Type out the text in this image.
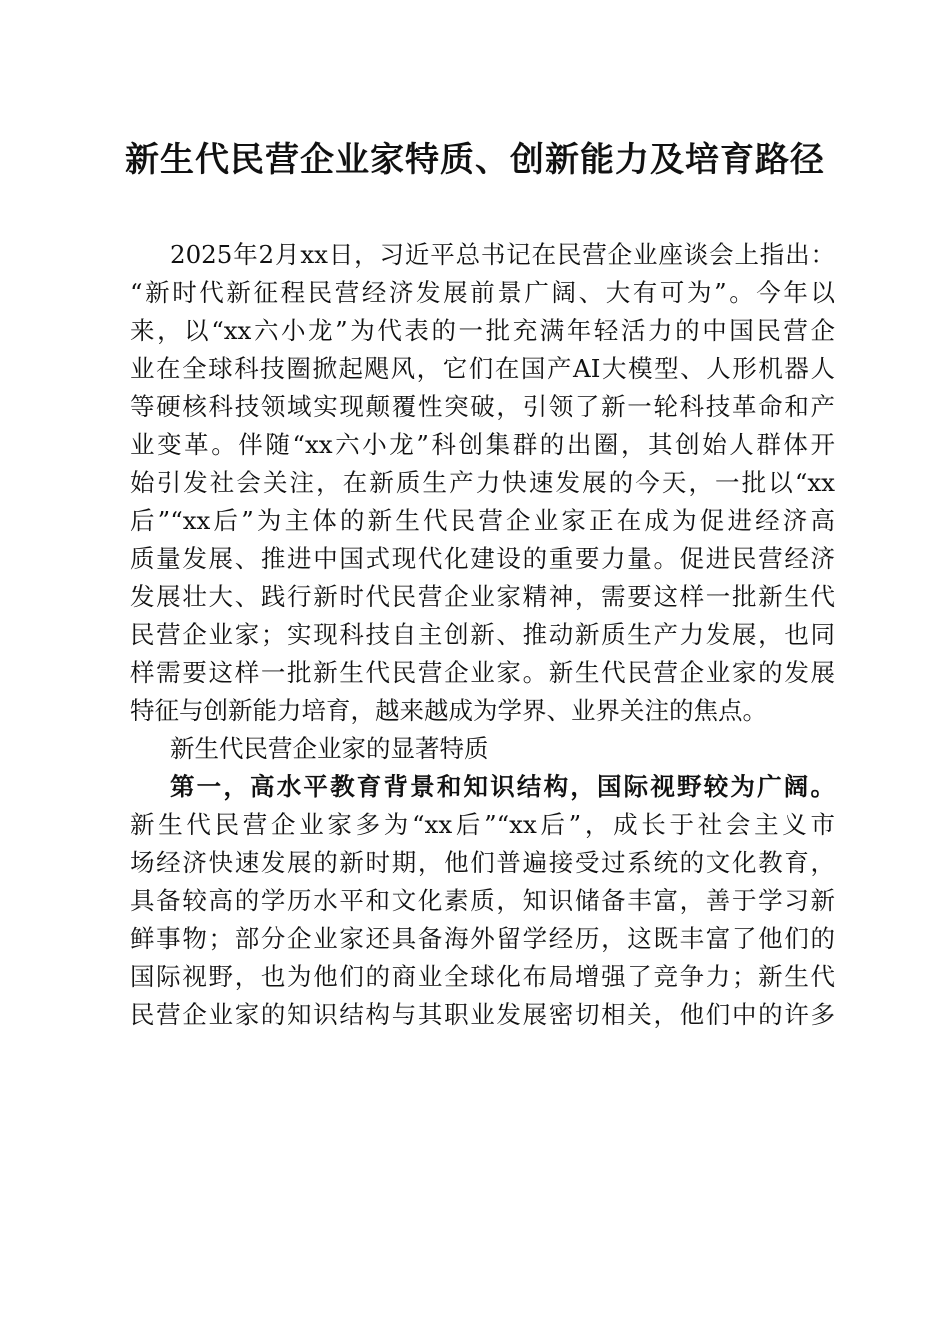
新生代民营企业家特质、创新能力及培育路径
2025年2月xx日，习近平总书记在民营企业座谈会上指出：
“新时代新征程民营经济发展前景广阔、大有可为”。今年以
来，以“xx六小龙”为代表的一批充满年轻活力的中国民营企
业在全球科技圈掀起飓风，它们在国产AI大模型、人形机器人
等硬核科技领域实现颠覆性突破，引领了新一轮科技革命和产
业变革。伴随“xx六小龙”科创集群的出圈，其创始人群体开
始引发社会关注，在新质生产力快速发展的今天，一批以“xx
后”“xx后”为主体的新生代民营企业家正在成为促进经济高
质量发展、推进中国式现代化建设的重要力量。促进民营经济
发展壮大、践行新时代民营企业家精神，需要这样一批新生代
民营企业家；实现科技自主创新、推动新质生产力发展，也同
样需要这样一批新生代民营企业家。新生代民营企业家的发展
特征与创新能力培育，越来越成为学界、业界关注的焦点。
新生代民营企业家的显著特质
第一，高水平教育背景和知识结构，国际视野较为广阔。
新生代民营企业家多为“xx后”“xx后”，成长于社会主义市
场经济快速发展的新时期，他们普遍接受过系统的文化教育，
具备较高的学历水平和文化素质，知识储备丰富，善于学习新
鲜事物；部分企业家还具备海外留学经历，这既丰富了他们的
国际视野，也为他们的商业全球化布局增强了竞争力；新生代
民营企业家的知识结构与其职业发展密切相关，他们中的许多
